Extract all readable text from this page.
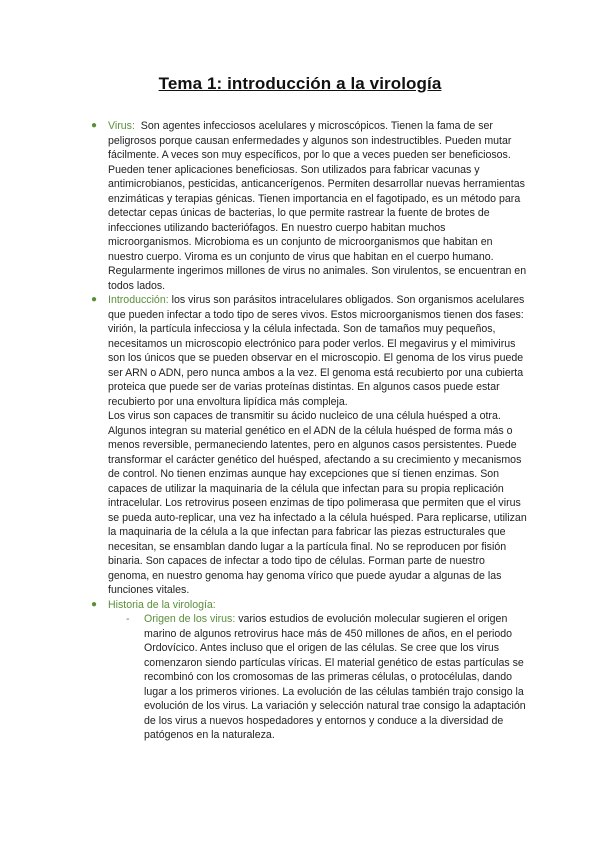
Tema 1: introducción a la virología
● Virus: Son agentes infecciosos acelulares y microscópicos. Tienen la fama de ser peligrosos porque causan enfermedades y algunos son indestructibles. Pueden mutar fácilmente. A veces son muy específicos, por lo que a veces pueden ser beneficiosos. Pueden tener aplicaciones beneficiosas. Son utilizados para fabricar vacunas y antimicrobianos, pesticidas, anticancerígenos. Permiten desarrollar nuevas herramientas enzimáticas y terapias génicas. Tienen importancia en el fagotipado, es un método para detectar cepas únicas de bacterias, lo que permite rastrear la fuente de brotes de infecciones utilizando bacteriófagos. En nuestro cuerpo habitan muchos microorganismos. Microbioma es un conjunto de microorganismos que habitan en nuestro cuerpo. Viroma es un conjunto de virus que habitan en el cuerpo humano. Regularmente ingerimos millones de virus no animales. Son virulentos, se encuentran en todos lados.

● Introducción: los virus son parásitos intracelulares obligados. Son organismos acelulares que pueden infectar a todo tipo de seres vivos. Estos microorganismos tienen dos fases: virión, la partícula infecciosa y la célula infectada. Son de tamaños muy pequeños, necesitamos un microscopio electrónico para poder verlos. El megavirus y el mimivirus son los únicos que se pueden observar en el microscopio. El genoma de los virus puede ser ARN o ADN, pero nunca ambos a la vez. El genoma está recubierto por una cubierta proteica que puede ser de varias proteínas distintas. En algunos casos puede estar recubierto por una envoltura lipídica más compleja.

Los virus son capaces de transmitir su ácido nucleico de una célula huésped a otra. Algunos integran su material genético en el ADN de la célula huésped de forma más o menos reversible, permaneciendo latentes, pero en algunos casos persistentes. Puede transformar el carácter genético del huésped, afectando a su crecimiento y mecanismos de control. No tienen enzimas aunque hay excepciones que sí tienen enzimas. Son capaces de utilizar la maquinaria de la célula que infectan para su propia replicación intracelular. Los retrovirus poseen enzimas de tipo polimerasa que permiten que el virus se pueda auto-replicar, una vez ha infectado a la célula huésped. Para replicarse, utilizan la maquinaria de la célula a la que infectan para fabricar las piezas estructurales que necesitan, se ensamblan dando lugar a la partícula final. No se reproducen por fisión binaria. Son capaces de infectar a todo tipo de células. Forman parte de nuestro genoma, en nuestro genoma hay genoma vírico que puede ayudar a algunas de las funciones vitales.

● Historia de la virología:

- Origen de los virus: varios estudios de evolución molecular sugieren el origen marino de algunos retrovirus hace más de 450 millones de años, en el periodo Ordovícico. Antes incluso que el origen de las células. Se cree que los virus comenzaron siendo partículas víricas. El material genético de estas partículas se recombinó con los cromosomas de las primeras células, o protocélulas, dando lugar a los primeros viriones. La evolución de las células también trajo consigo la evolución de los virus. La variación y selección natural trae consigo la adaptación de los virus a nuevos hospedadores y entornos y conduce a la diversidad de patógenos en la naturaleza.
